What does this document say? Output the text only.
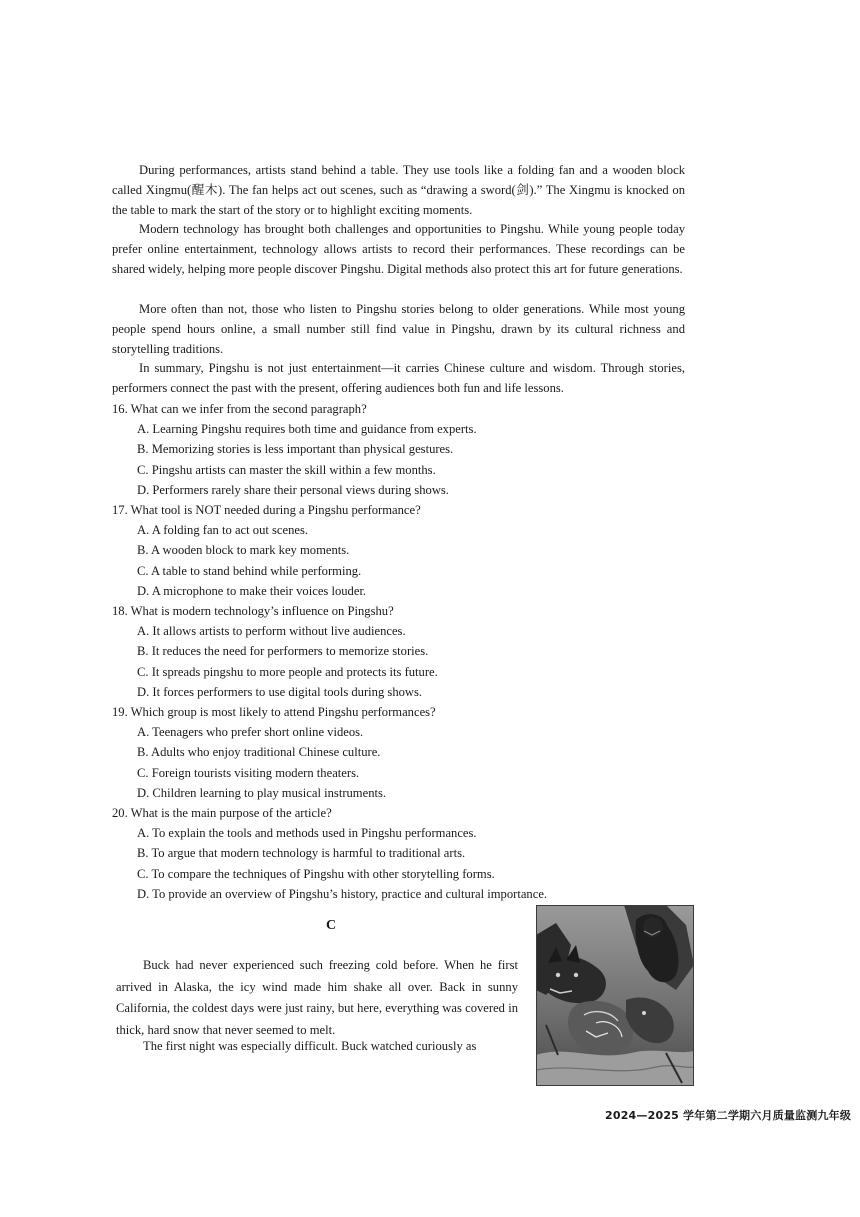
During performances, artists stand behind a table. They use tools like a folding fan and a wooden block called Xingmu(醒木). The fan helps act out scenes, such as “drawing a sword(剑).” The Xingmu is knocked on the table to mark the start of the story or to highlight exciting moments.

Modern technology has brought both challenges and opportunities to Pingshu. While young people today prefer online entertainment, technology allows artists to record their performances. These recordings can be shared widely, helping more people discover Pingshu. Digital methods also protect this art for future generations.

More often than not, those who listen to Pingshu stories belong to older generations. While most young people spend hours online, a small number still find value in Pingshu, drawn by its cultural richness and storytelling traditions.

In summary, Pingshu is not just entertainment—it carries Chinese culture and wisdom. Through stories, performers connect the past with the present, offering audiences both fun and life lessons.

16. What can we infer from the second paragraph?

A. Learning Pingshu requires both time and guidance from experts.

B. Memorizing stories is less important than physical gestures.

C. Pingshu artists can master the skill within a few months.

D. Performers rarely share their personal views during shows.

17. What tool is NOT needed during a Pingshu performance?

A. A folding fan to act out scenes.

B. A wooden block to mark key moments.

C. A table to stand behind while performing.

D. A microphone to make their voices louder.

18. What is modern technology’s influence on Pingshu?

A. It allows artists to perform without live audiences.

B. It reduces the need for performers to memorize stories.

C. It spreads pingshu to more people and protects its future.

D. It forces performers to use digital tools during shows.

19. Which group is most likely to attend Pingshu performances?

A. Teenagers who prefer short online videos.

B. Adults who enjoy traditional Chinese culture.

C. Foreign tourists visiting modern theaters.

D. Children learning to play musical instruments.

20. What is the main purpose of the article?

A. To explain the tools and methods used in Pingshu performances.

B. To argue that modern technology is harmful to traditional arts.

C. To compare the techniques of Pingshu with other storytelling forms.

D. To provide an overview of Pingshu’s history, practice and cultural importance.

C

Buck had never experienced such freezing cold before. When he first arrived in Alaska, the icy wind made him shake all over. Back in sunny California, the coldest days were just rainy, but here, everything was covered in thick, hard snow that never seemed to melt.

The first night was especially difficult. Buck watched curiously as

2024—2025 学年第二学期六月质量监测九年级
